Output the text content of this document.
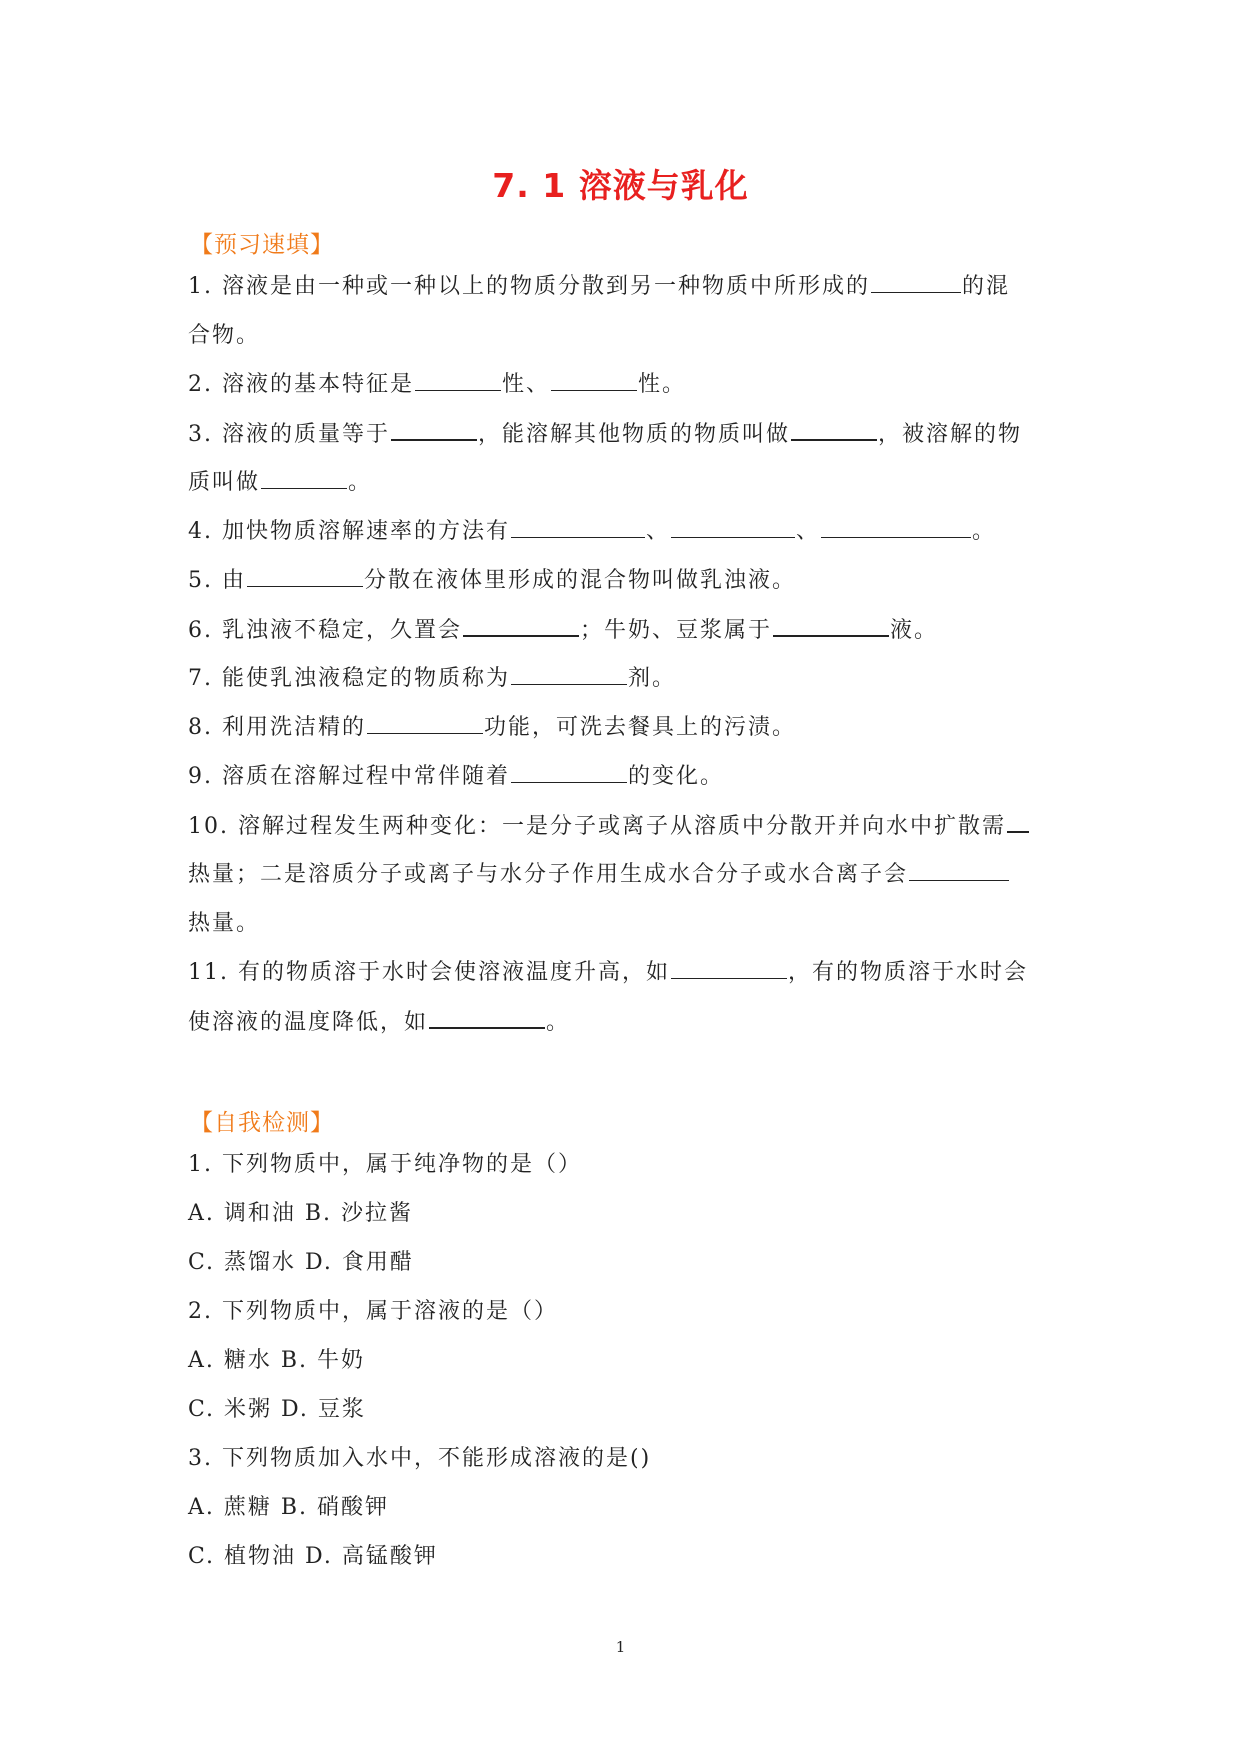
7. 1 溶液与乳化
【预习速填】
1. 溶液是由一种或一种以上的物质分散到另一种物质中所形成的	的混
合物。
2. 溶液的基本特征是	性、	性。
3. 溶液的质量等于	，能溶解其他物质的物质叫做	，被溶解的物
质叫做	。
4. 加快物质溶解速率的方法有	、	、	。
5. 由	分散在液体里形成的混合物叫做乳浊液。
6. 乳浊液不稳定，久置会	；牛奶、豆浆属于	液。
7. 能使乳浊液稳定的物质称为	剂。
8. 利用洗洁精的	功能，可洗去餐具上的污渍。
9. 溶质在溶解过程中常伴随着	的变化。
10. 溶解过程发生两种变化：一是分子或离子从溶质中分散开并向水中扩散需
热量；二是溶质分子或离子与水分子作用生成水合分子或水合离子会
热量。
11. 有的物质溶于水时会使溶液温度升高，如	，有的物质溶于水时会
使溶液的温度降低，如	。
【自我检测】
1. 下列物质中，属于纯净物的是（）
A. 调和油 B. 沙拉酱
C. 蒸馏水 D. 食用醋
2. 下列物质中，属于溶液的是（）
A. 糖水 B. 牛奶
C. 米粥 D. 豆浆
3. 下列物质加入水中，不能形成溶液的是()
A. 蔗糖 B. 硝酸钾
C. 植物油 D. 高锰酸钾
1
